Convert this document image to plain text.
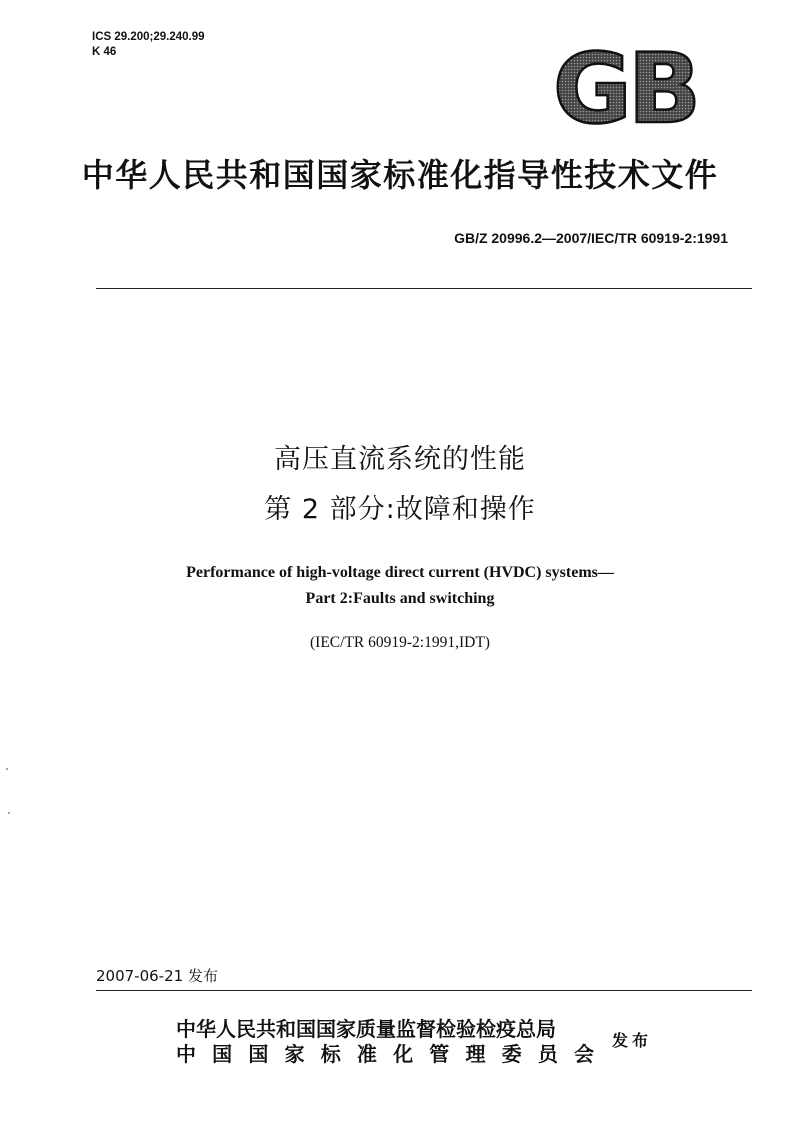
ICS 29.200;29.240.99
K 46	GB
中华人民共和国国家标准化指导性技术文件
GB/Z 20996.2—2007/IEC/TR 60919-2:1991
高压直流系统的性能
第 2 部分:故障和操作
Performance of high-voltage direct current (HVDC) systems—
Part 2:Faults and switching
(IEC/TR 60919-2:1991,IDT)
2007-06-21 发布
中华人民共和国国家质量监督检验检疫总局
中国国家标准化管理委员会
发布
